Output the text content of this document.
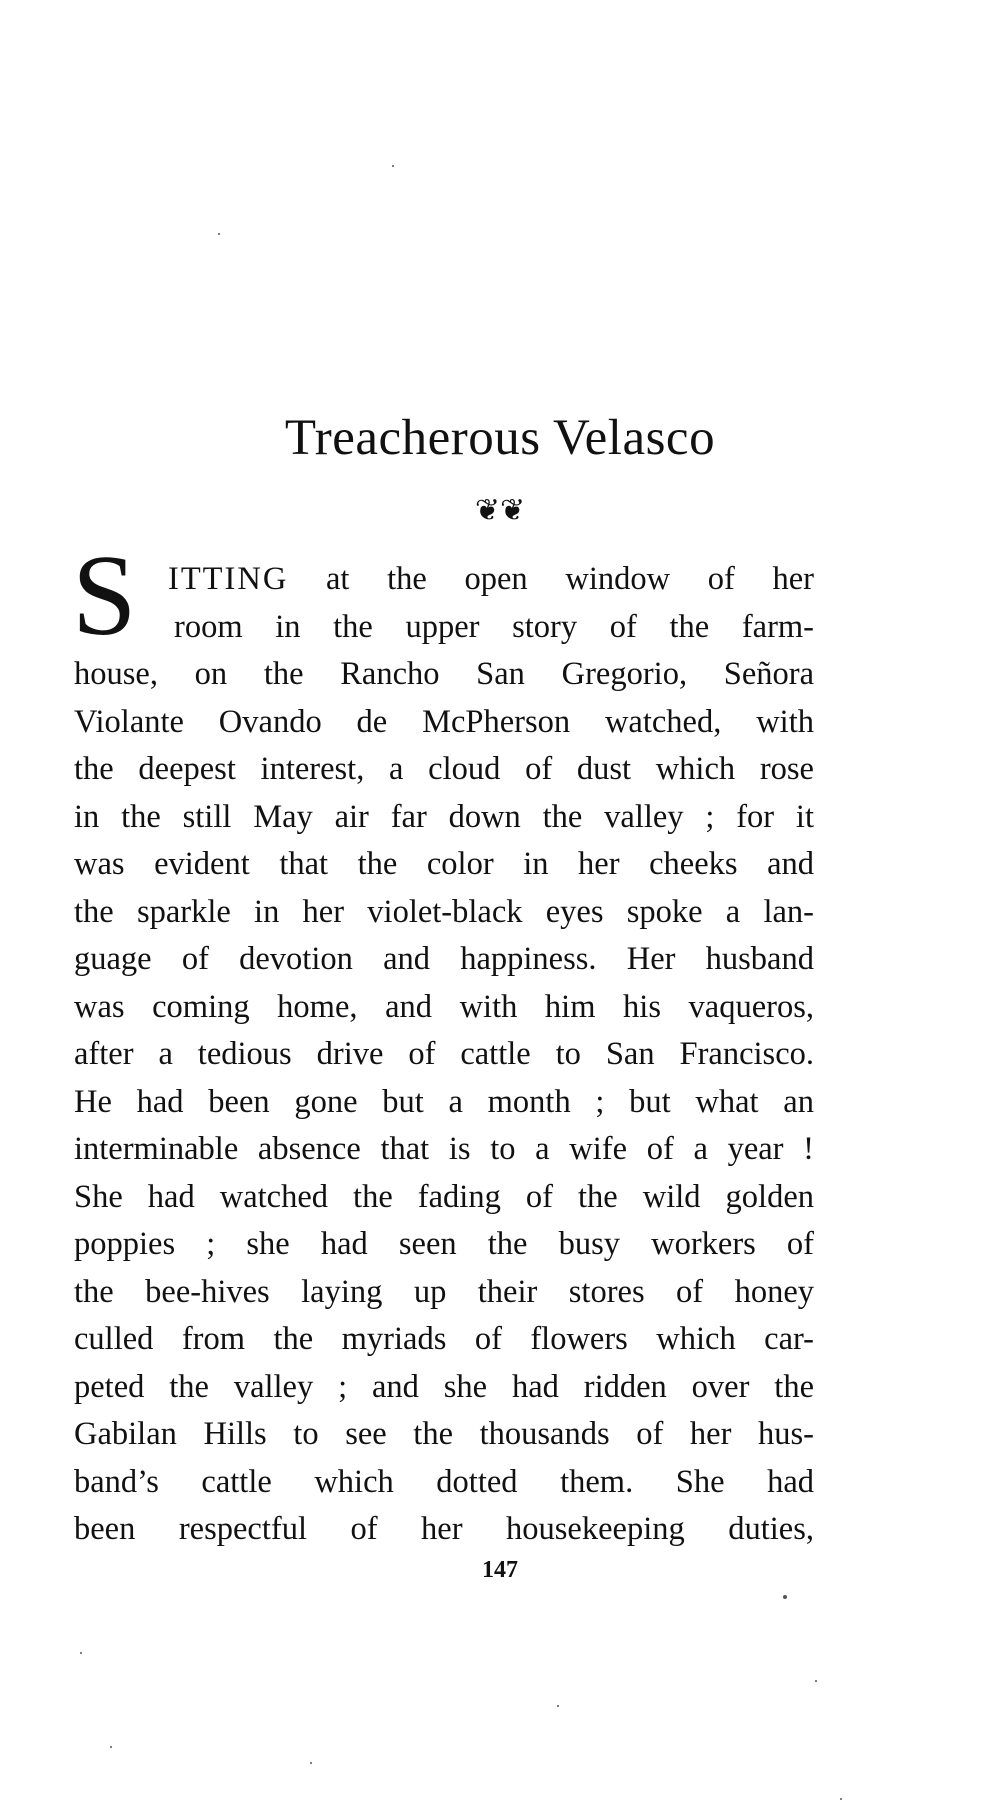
Treacherous Velasco
❦❦
S ITTING at the open window of her
room in the upper story of the farm-
house, on the Rancho San Gregorio, Señora
Violante Ovando de McPherson watched, with
the deepest interest, a cloud of dust which rose
in the still May air far down the valley ; for it
was evident that the color in her cheeks and
the sparkle in her violet-black eyes spoke a lan-
guage of devotion and happiness. Her husband
was coming home, and with him his vaqueros,
after a tedious drive of cattle to San Francisco.
He had been gone but a month ; but what an
interminable absence that is to a wife of a year !
She had watched the fading of the wild golden
poppies ; she had seen the busy workers of
the bee-hives laying up their stores of honey
culled from the myriads of flowers which car-
peted the valley ; and she had ridden over the
Gabilan Hills to see the thousands of her hus-
band’s cattle which dotted them. She had
been respectful of her housekeeping duties,
147
